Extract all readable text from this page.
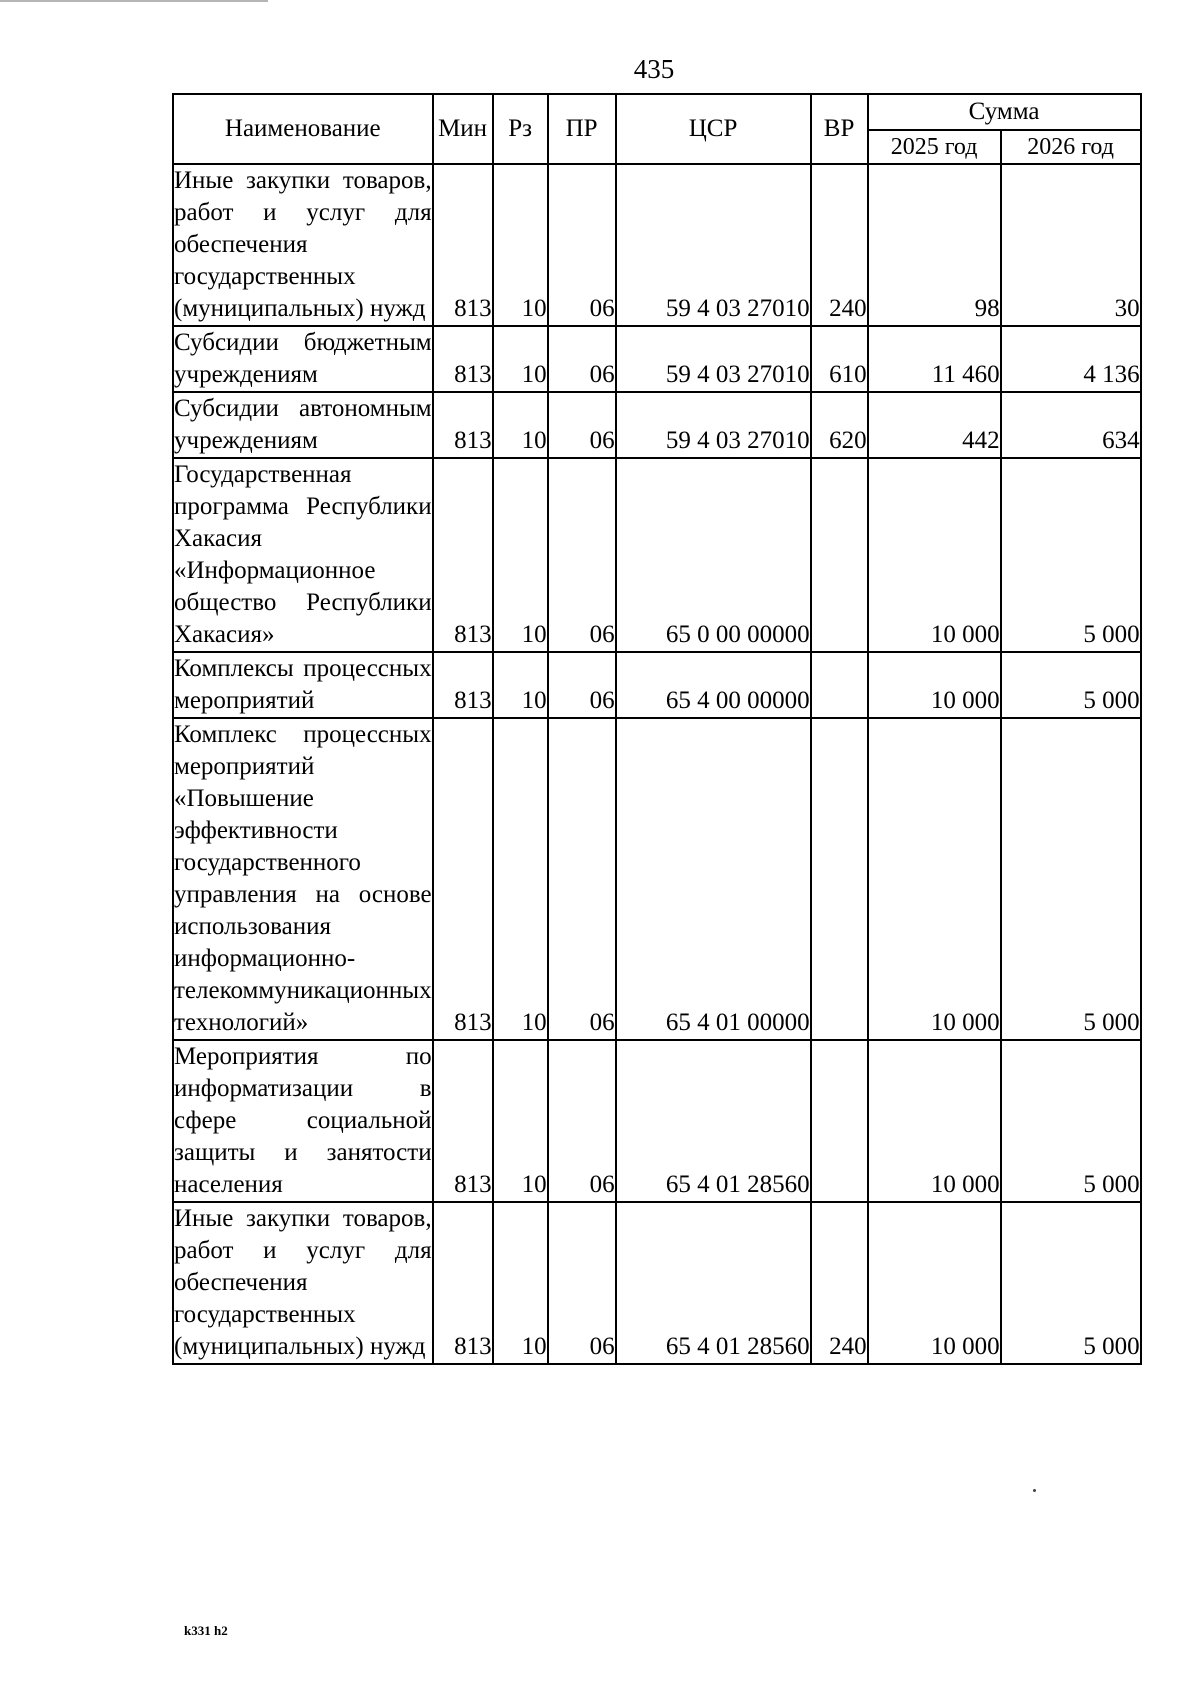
435
Наименование	Мин	Рз	ПР	ЦСР	ВР	Сумма	
						2025 год	2026 год
Иные закупки товаров, работ и услуг для обеспечения государственных (муниципальных) нужд	813	10	06	59 4 03 27010	240	98	30
Субсидии бюджетным учреждениям	813	10	06	59 4 03 27010	610	11 460	4 136
Субсидии автономным учреждениям	813	10	06	59 4 03 27010	620	442	634
Государственная программа Республики Хакасия «Информационное общество Республики Хакасия»	813	10	06	65 0 00 00000		10 000	5 000
Комплексы процессных мероприятий	813	10	06	65 4 00 00000		10 000	5 000
Комплекс процессных мероприятий «Повышение эффективности государственного управления на основе использования информационно-телекоммуникационных технологий»	813	10	06	65 4 01 00000		10 000	5 000
Мероприятия по информатизации в сфере социальной защиты и занятости населения	813	10	06	65 4 01 28560		10 000	5 000
Иные закупки товаров, работ и услуг для обеспечения государственных (муниципальных) нужд	813	10	06	65 4 01 28560	240	10 000	5 000
k331 h2
